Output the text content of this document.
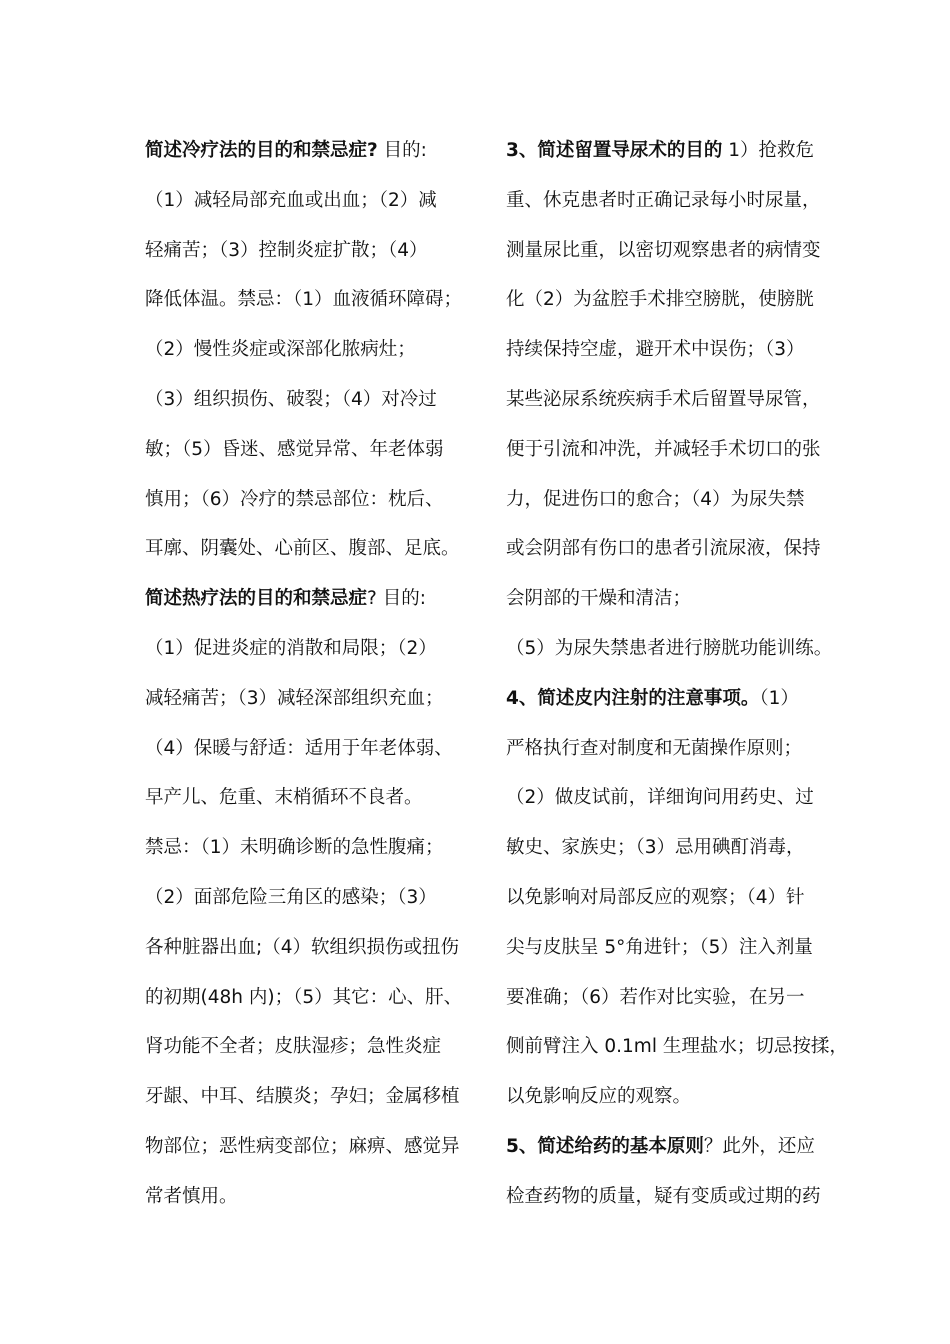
简述冷疗法的目的和禁忌症? 目的:
（1）减轻局部充血或出血；（2）减
轻痛苦；（3）控制炎症扩散；（4）
降低体温。禁忌：（1）血液循环障碍；
（2）慢性炎症或深部化脓病灶；
（3）组织损伤、破裂；（4）对冷过
敏；（5）昏迷、感觉异常、年老体弱
慎用；（6）冷疗的禁忌部位：枕后、
耳廓、阴囊处、心前区、腹部、足底。
简述热疗法的目的和禁忌症? 目的:
（1）促进炎症的消散和局限；（2）
减轻痛苦；（3）减轻深部组织充血；
（4）保暖与舒适：适用于年老体弱、
早产儿、危重、末梢循环不良者。
禁忌：（1）未明确诊断的急性腹痛；
（2）面部危险三角区的感染；（3）
各种脏器出血;（4）软组织损伤或扭伤
的初期(48h 内)；（5）其它：心、肝、
肾功能不全者；皮肤湿疹；急性炎症
牙龈、中耳、结膜炎；孕妇；金属移植
物部位；恶性病变部位；麻痹、感觉异
常者慎用。
3、简述留置导尿术的目的 1）抢救危
重、休克患者时正确记录每小时尿量，
测量尿比重，以密切观察患者的病情变
化（2）为盆腔手术排空膀胱，使膀胱
持续保持空虚，避开术中误伤；（3）
某些泌尿系统疾病手术后留置导尿管，
便于引流和冲洗，并减轻手术切口的张
力，促进伤口的愈合；（4）为尿失禁
或会阴部有伤口的患者引流尿液，保持
会阴部的干燥和清洁；
（5）为尿失禁患者进行膀胱功能训练。
4、简述皮内注射的注意事项。（1）
严格执行查对制度和无菌操作原则；
（2）做皮试前，详细询问用药史、过
敏史、家族史；（3）忌用碘酊消毒，
以免影响对局部反应的观察；（4）针
尖与皮肤呈 5°角进针；（5）注入剂量
要准确；（6）若作对比实验，在另一
侧前臂注入 0.1ml 生理盐水；切忌按揉，
以免影响反应的观察。
5、简述给药的基本原则？此外，还应
检查药物的质量，疑有变质或过期的药
